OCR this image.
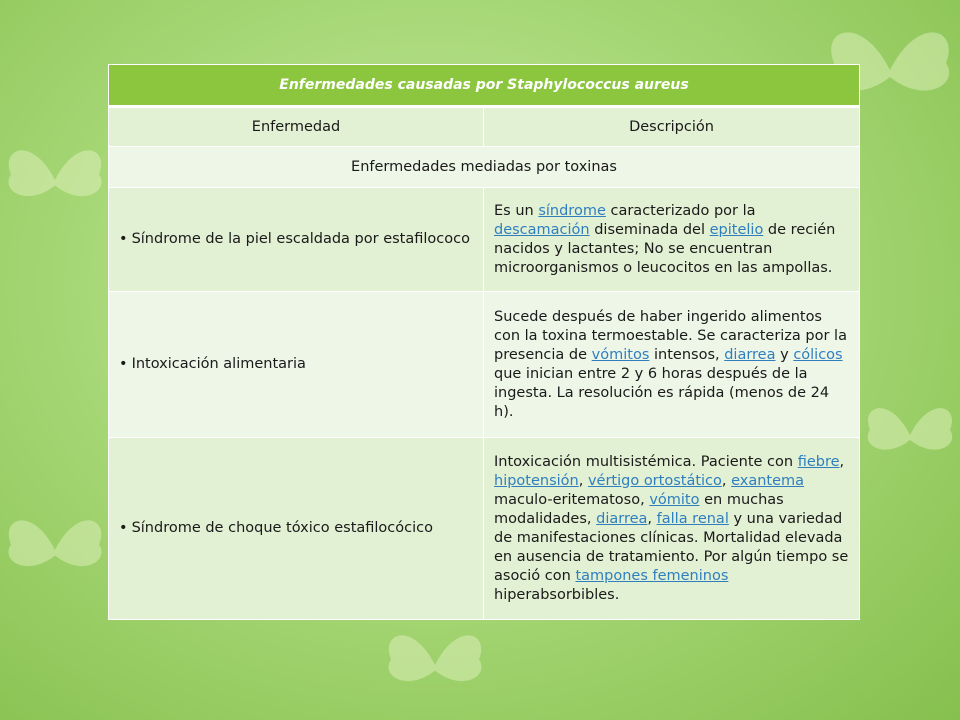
Enfermedades causadas por Staphylococcus aureus	
Enfermedad	Descripción
Enfermedades mediadas por toxinas	
• Síndrome de la piel escaldada por estafilococo	Es un síndrome caracterizado por la descamación diseminada del epitelio de recién nacidos y lactantes; No se encuentran microorganismos o leucocitos en las ampollas.
• Intoxicación alimentaria	Sucede después de haber ingerido alimentos con la toxina termoestable. Se caracteriza por la presencia de vómitos intensos, diarrea y cólicos que inician entre 2 y 6 horas después de la ingesta. La resolución es rápida (menos de 24 h).
• Síndrome de choque tóxico estafilocócico	Intoxicación multisistémica. Paciente con fiebre, hipotensión, vértigo ortostático, exantema maculo-eritematoso, vómito en muchas modalidades, diarrea, falla renal y una variedad de manifestaciones clínicas. Mortalidad elevada en ausencia de tratamiento. Por algún tiempo se asoció con tampones femeninos hiperabsorbibles.
